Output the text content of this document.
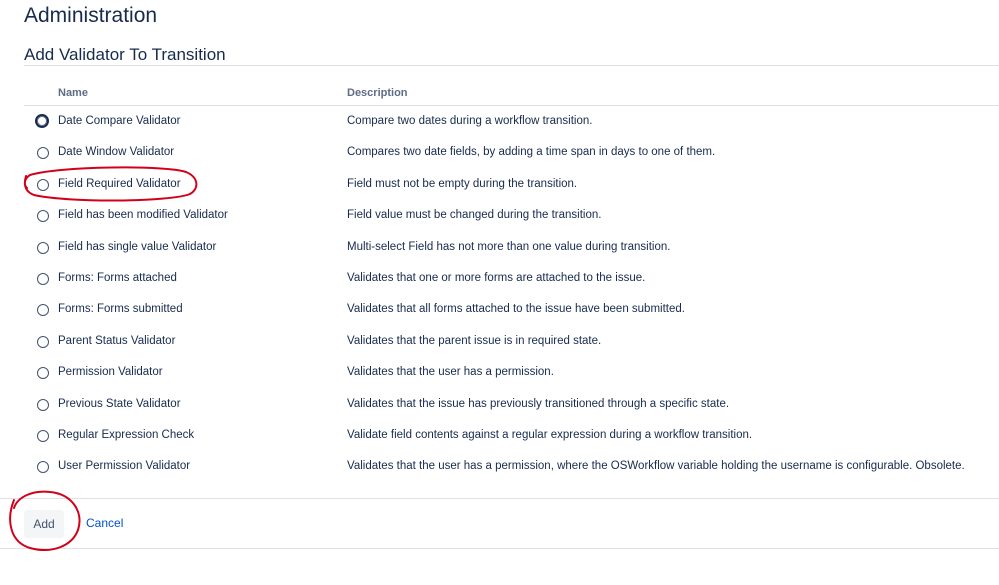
Administration
Add Validator To Transition
Name	Description
Date Compare Validator	Compare two dates during a workflow transition.
Date Window Validator	Compares two date fields, by adding a time span in days to one of them.
Field Required Validator	Field must not be empty during the transition.
Field has been modified Validator	Field value must be changed during the transition.
Field has single value Validator	Multi-select Field has not more than one value during transition.
Forms: Forms attached	Validates that one or more forms are attached to the issue.
Forms: Forms submitted	Validates that all forms attached to the issue have been submitted.
Parent Status Validator	Validates that the parent issue is in required state.
Permission Validator	Validates that the user has a permission.
Previous State Validator	Validates that the issue has previously transitioned through a specific state.
Regular Expression Check	Validate field contents against a regular expression during a workflow transition.
User Permission Validator	Validates that the user has a permission, where the OSWorkflow variable holding the username is configurable. Obsolete.
Add	Cancel
